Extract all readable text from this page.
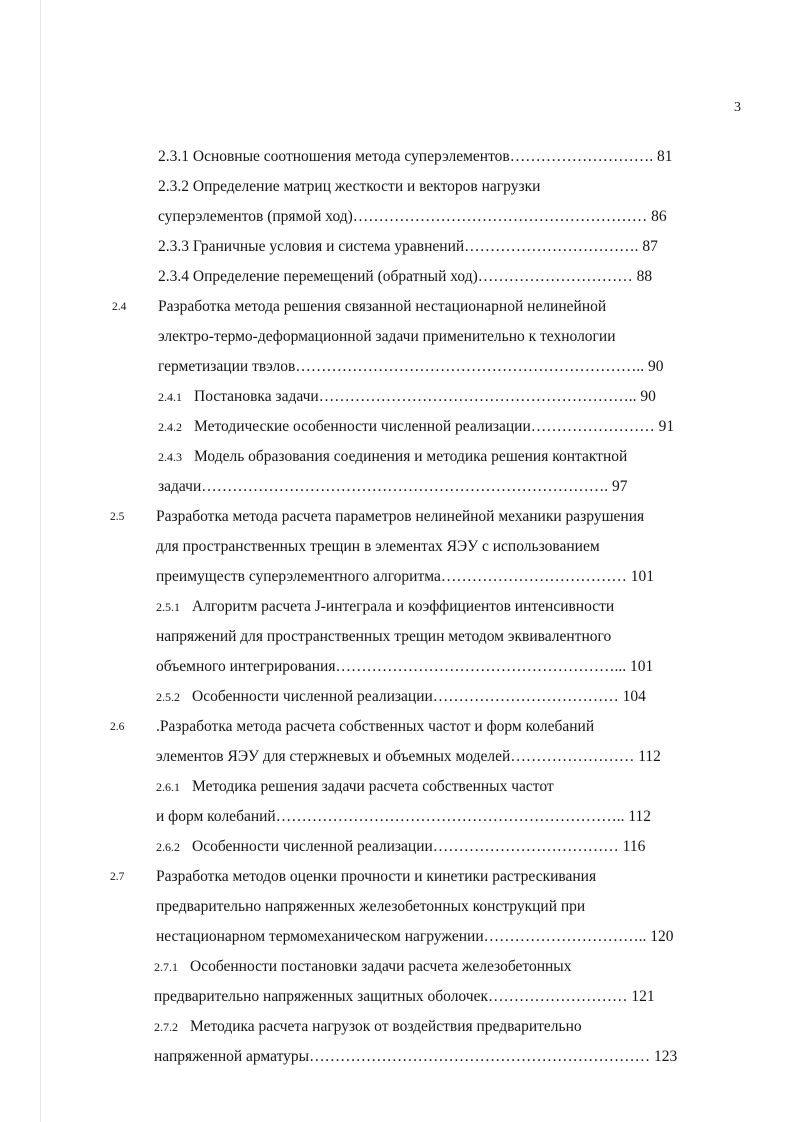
3
2.3.1 Основные соотношения метода суперэлементов………………………. 81
2.3.2 Определение матриц жесткости и векторов нагрузки
суперэлементов (прямой ход)………………………………………………… 86
2.3.3 Граничные условия и система уравнений……………………………. 87
2.3.4 Определение перемещений (обратный ход)………………………… 88
2.4 Разработка метода решения связанной нестационарной нелинейной
электро-термо-деформационной задачи применительно к технологии
герметизации твэлов………………………………………………………….. 90
2.4.1 Постановка задачи…………………………………………………….. 90
2.4.2 Методические особенности численной реализации…………………… 91
2.4.3 Модель образования соединения и методика решения контактной
задачи……………………………………………………………………. 97
2.5 Разработка метода расчета параметров нелинейной механики разрушения
для пространственных трещин в элементах ЯЭУ с использованием
преимуществ суперэлементного алгоритма……………………………… 101
2.5.1 Алгоритм расчета J-интеграла и коэффициентов интенсивности
напряжений для пространственных трещин методом эквивалентного
объемного интегрирования………………………………………………... 101
2.5.2 Особенности численной реализации……………………………… 104
2.6 .Разработка метода расчета собственных частот и форм колебаний
элементов ЯЭУ для стержневых и объемных моделей…………………… 112
2.6.1 Методика решения задачи расчета собственных частот
и форм колебаний………………………………………………………….. 112
2.6.2 Особенности численной реализации……………………………… 116
2.7 Разработка методов оценки прочности и кинетики растрескивания
предварительно напряженных железобетонных конструкций при
нестационарном термомеханическом нагружении………………………….. 120
2.7.1 Особенности постановки задачи расчета железобетонных
предварительно напряженных защитных оболочек……………………… 121
2.7.2 Методика расчета нагрузок от воздействия предварительно
напряженной арматуры………………………………………………………… 123
